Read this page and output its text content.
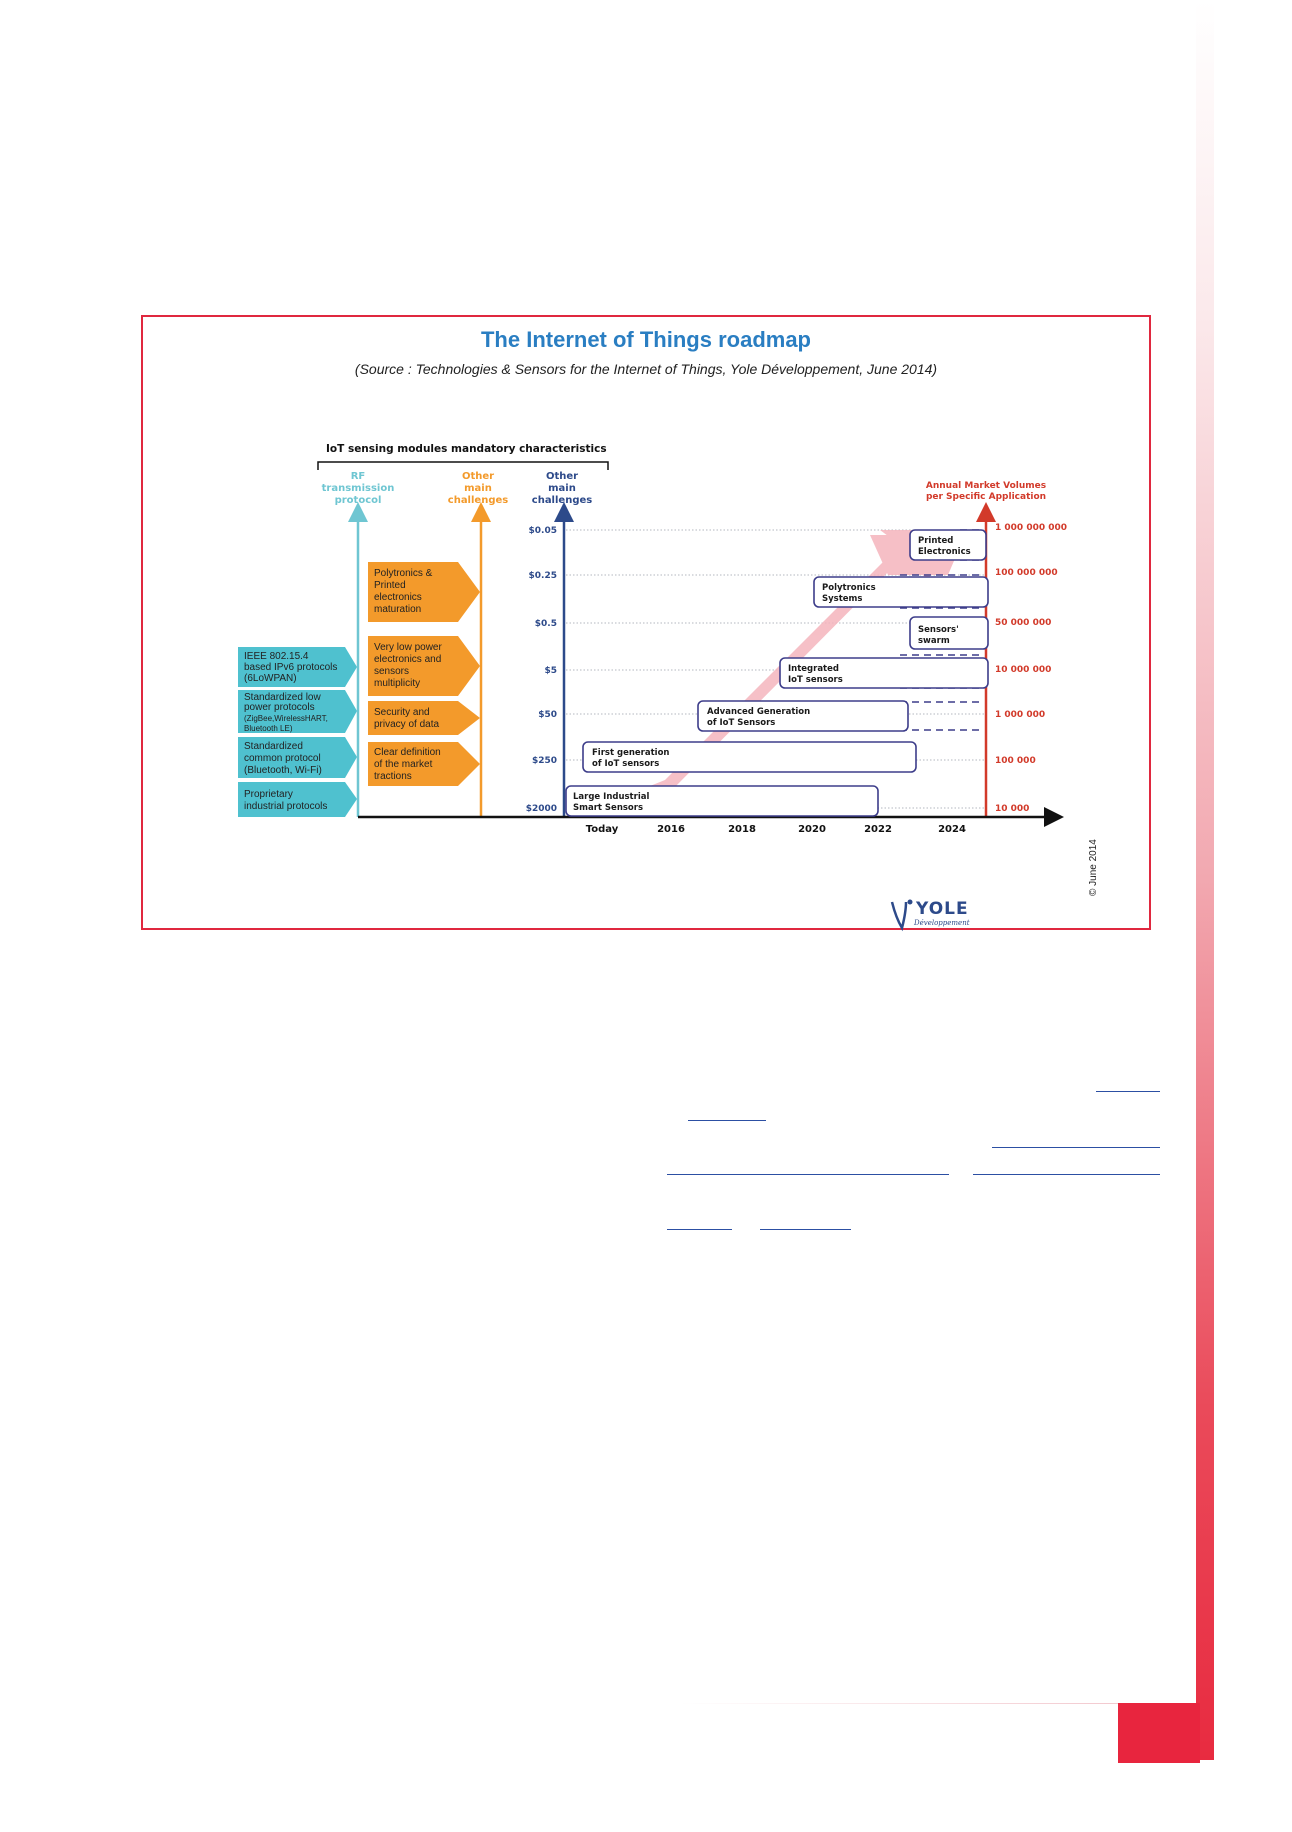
The Internet of Things roadmap

(Source : Technologies & Sensors for the Internet of Things, Yole Développement, June 2014)

IoT sensing modules mandatory characteristics
RF
transmission
protocol
Other
main
challenges
Other
main
challenges
Large Industrial
Smart Sensors
First generation
of IoT sensors
Advanced Generation
of IoT Sensors
Integrated
IoT sensors
Sensors'
swarm
Polytronics
Systems
Printed
Electronics
$0.05
$0.25
$0.5
$5
$50
$250
$2000
Annual Market Volumes
per Specific Application
1 000 000 000
100 000 000
50 000 000
10 000 000
1 000 000
100 000
10 000
Today	2016	2018	2020	2022	2024
IEEE 802.15.4
based IPv6 protocols
(6LoWPAN)
Standardized low
power protocols
(ZigBee,WirelessHART,
Bluetooth LE)
Standardized
common protocol
(Bluetooth, Wi-Fi)
Proprietary
industrial protocols
Polytronics &
Printed
electronics
maturation
Very low power
electronics and
sensors
multiplicity
Security and
privacy of data
Clear definition
of the market
tractions
© June 2014
YOLE
Développement
